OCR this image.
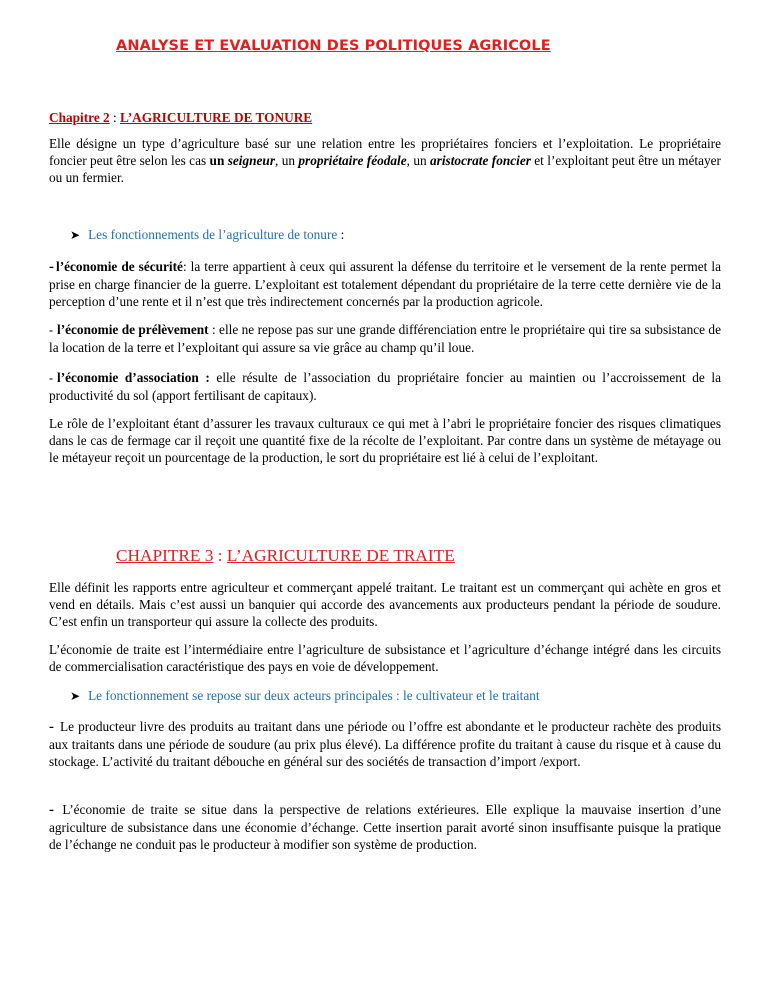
ANALYSE ET EVALUATION DES POLITIQUES AGRICOLE

Chapitre 2 : L’AGRICULTURE DE TONURE

Elle désigne un type d’agriculture basé sur une relation entre les propriétaires fonciers et l’exploitation. Le propriétaire foncier peut être selon les cas un seigneur, un propriétaire féodale, un aristocrate foncier et l’exploitant peut être un métayer ou un fermier.

➤ Les fonctionnements de l’agriculture de tonure :

- l’économie de sécurité: la terre appartient à ceux qui assurent la défense du territoire et le versement de la rente permet la prise en charge financier de la guerre. L’exploitant est totalement dépendant du propriétaire de la terre cette dernière vie de la perception d’une rente et il n’est que très indirectement concernés par la production agricole.

- l’économie de prélèvement : elle ne repose pas sur une grande différenciation entre le propriétaire qui tire sa subsistance de la location de la terre et l’exploitant qui assure sa vie grâce au champ qu’il loue.

- l’économie d’association : elle résulte de l’association du propriétaire foncier au maintien ou l’accroissement de la productivité du sol (apport fertilisant de capitaux).

Le rôle de l’exploitant étant d’assurer les travaux culturaux ce qui met à l’abri le propriétaire foncier des risques climatiques dans le cas de fermage car il reçoit une quantité fixe de la récolte de l’exploitant. Par contre dans un système de métayage ou le métayeur reçoit un pourcentage de la production, le sort du propriétaire est lié à celui de l’exploitant.

CHAPITRE 3 : L’AGRICULTURE DE TRAITE

Elle définit les rapports entre agriculteur et commerçant appelé traitant. Le traitant est un commerçant qui achète en gros et vend en détails. Mais c’est aussi un banquier qui accorde des avancements aux producteurs pendant la période de soudure. C’est enfin un transporteur qui assure la collecte des produits.

L’économie de traite est l’intermédiaire entre l’agriculture de subsistance et l’agriculture d’échange intégré dans les circuits de commercialisation caractéristique des pays en voie de développement.

➤ Le fonctionnement se repose sur deux acteurs principales : le cultivateur et le traitant

- Le producteur livre des produits au traitant dans une période ou l’offre est abondante et le producteur rachète des produits aux traitants dans une période de soudure (au prix plus élevé). La différence profite du traitant à cause du risque et à cause du stockage. L’activité du traitant débouche en général sur des sociétés de transaction d’import /export.

- L’économie de traite se situe dans la perspective de relations extérieures. Elle explique la mauvaise insertion d’une agriculture de subsistance dans une économie d’échange. Cette insertion parait avorté sinon insuffisante puisque la pratique de l’échange ne conduit pas le producteur à modifier son système de production.
